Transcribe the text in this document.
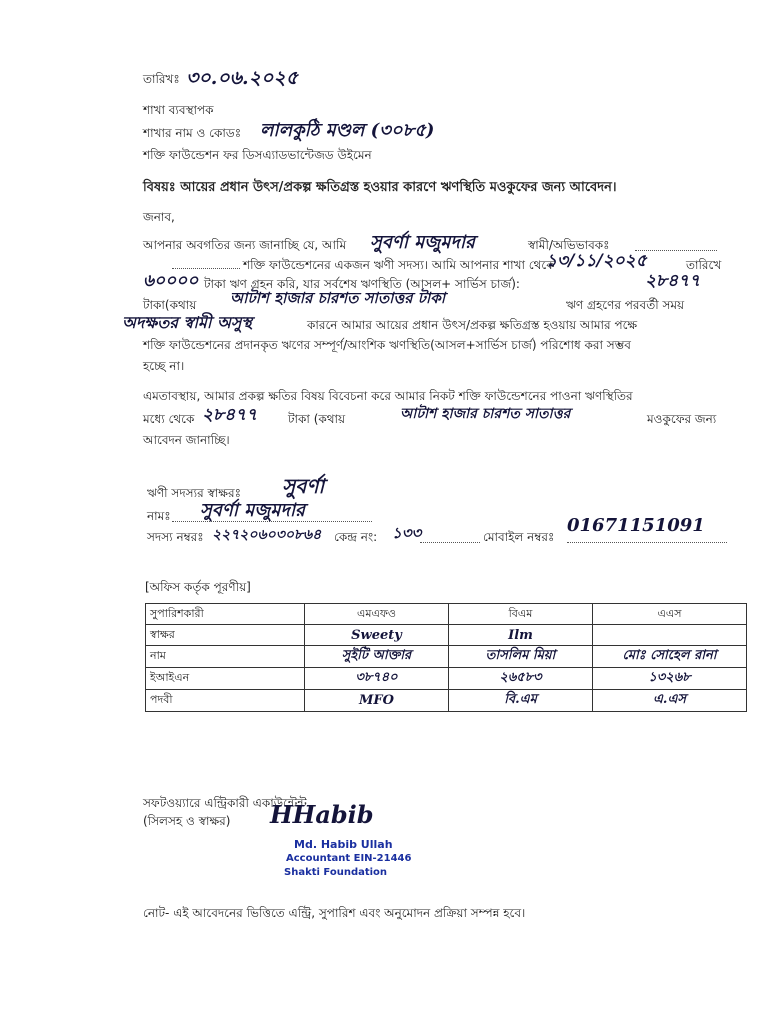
তারিখঃ ৩০.০৬.২০২৫
শাখা ব্যবস্থাপক
শাখার নাম ও কোডঃ লালকুঠি মণ্ডল (৩০৮৫)
শক্তি ফাউন্ডেশন ফর ডিসএ্যাডভান্টেজড উইমেন
বিষয়ঃ আয়ের প্রধান উৎস/প্রকল্প ক্ষতিগ্রস্ত হওয়ার কারণে ঋণস্থিতি মওকুফের জন্য আবেদন।
জনাব,
আপনার অবগতির জন্য জানাচ্ছি যে, আমি সুবর্ণা মজুমদার	স্বামী/অভিভাবকঃ
শক্তি ফাউন্ডেশনের একজন ঋণী সদস্য। আমি আপনার শাখা থেকে
১৩/১১/২০২৫	তারিখে
৬০০০০ টাকা ঋণ গ্রহন করি, যার সর্বশেষ ঋণস্থিতি (আসল+ সার্ভিস চার্জ):	২৮৪৭৭
টাকা(কথায় আটাশ হাজার চারশত সাতাত্তর টাকা	ঋণ গ্রহণের পরবর্তী সময়
অদক্ষতর স্বামী অসুস্থ	কারনে আমার আয়ের প্রধান উৎস/প্রকল্প ক্ষতিগ্রস্ত হওয়ায় আমার পক্ষে
শক্তি ফাউন্ডেশনের প্রদানকৃত ঋণের সম্পূর্ণ/আংশিক ঋণস্থিতি(আসল+সার্ভিস চার্জ) পরিশোধ করা সম্ভব
হচ্ছে না।
এমতাবস্থায়, আমার প্রকল্প ক্ষতির বিষয় বিবেচনা করে আমার নিকট শক্তি ফাউন্ডেশনের পাওনা ঋণস্থিতির
মধ্যে থেকে ২৮৪৭৭	টাকা (কথায়	আটাশ হাজার চারশত সাতাত্তর	মওকুফের জন্য
আবেদন জানাচ্ছি।
ঋণী সদস্যর স্বাক্ষরঃ সুবর্ণা
নামঃ সুবর্ণা মজুমদার
সদস্য নম্বরঃ ২২৭২০৬০৩০৮৬৪ কেন্দ্র নং: ১৩৩	মোবাইল নম্বরঃ
01671151091
[অফিস কর্তৃক পূরণীয়]
সুপারিশকারী	এমএফও	বিএম	এএস
স্বাক্ষর	Sweety	Ilm	
নাম	সুইটি আক্তার	তাসলিম মিয়া	মোঃ সোহেল রানা
ইআইএন	৩৮৭৪০	২৬৫৮৩	১৩২৬৮
পদবী	MFO	বি.এম	এ.এস
সফটওয়্যারে এন্ট্রিকারী একাউন্টেন্ট
(সিলসহ ও স্বাক্ষর) HHabib
Md. Habib Ullah
Accountant EIN-21446
Shakti Foundation
নোট- এই আবেদনের ভিত্তিতে এন্ট্রি, সুপারিশ এবং অনুমোদন প্রক্রিয়া সম্পন্ন হবে।
